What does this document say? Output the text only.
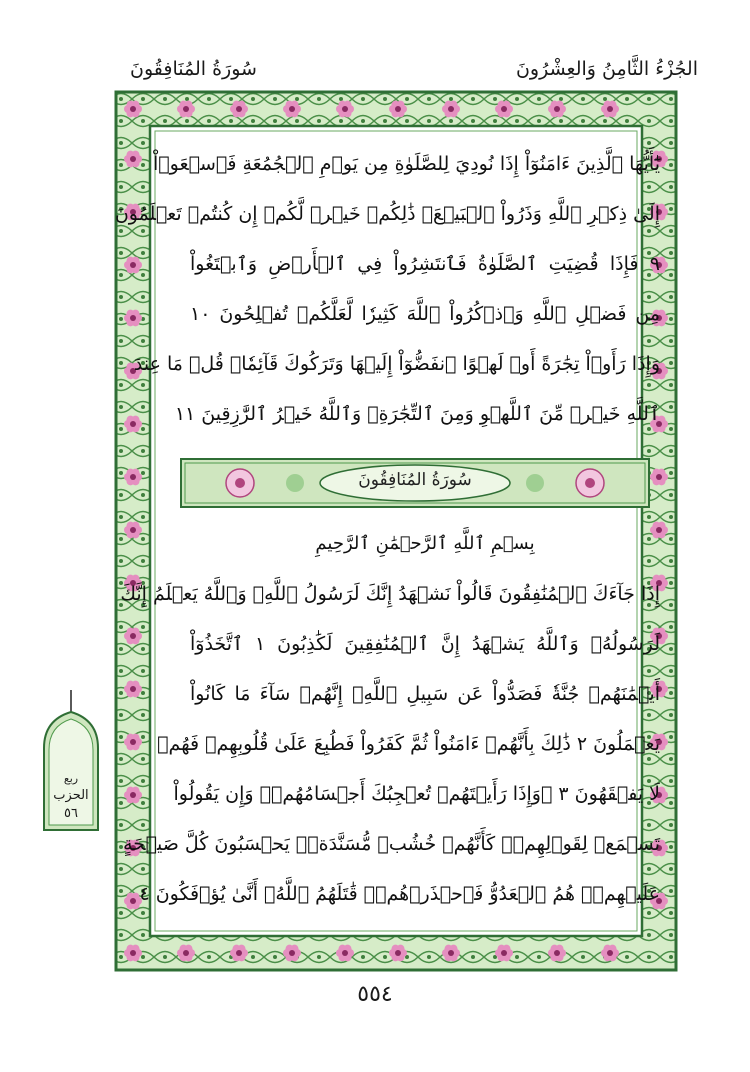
الجُزْءُ الثَّامِنُ وَالعِشْرُونَ
سُورَةُ المُنَافِقُونَ
يَٰٓأَيُّهَا ٱلَّذِينَ ءَامَنُوٓاْ إِذَا نُودِيَ لِلصَّلَوٰةِ مِن يَوۡمِ ٱلۡجُمُعَةِ فَٱسۡعَوۡاْ
إِلَىٰ ذِكۡرِ ٱللَّهِ وَذَرُواْ ٱلۡبَيۡعَۚ ذَٰلِكُمۡ خَيۡرٞ لَّكُمۡ إِن كُنتُمۡ تَعۡلَمُونَ
٩ فَإِذَا قُضِيَتِ ٱلصَّلَوٰةُ فَٱنتَشِرُواْ فِي ٱلۡأَرۡضِ وَٱبۡتَغُواْ
مِن فَضۡلِ ٱللَّهِ وَٱذۡكُرُواْ ٱللَّهَ كَثِيرٗا لَّعَلَّكُمۡ تُفۡلِحُونَ ١٠
وَإِذَا رَأَوۡاْ تِجَٰرَةً أَوۡ لَهۡوًا ٱنفَضُّوٓاْ إِلَيۡهَا وَتَرَكُوكَ قَآئِمٗاۚ قُلۡ مَا عِندَ
ٱللَّهِ خَيۡرٞ مِّنَ ٱللَّهۡوِ وَمِنَ ٱلتِّجَٰرَةِۚ وَٱللَّهُ خَيۡرُ ٱلرَّٰزِقِينَ ١١
بِسۡمِ ٱللَّهِ ٱلرَّحۡمَٰنِ ٱلرَّحِيمِ
إِذَا جَآءَكَ ٱلۡمُنَٰفِقُونَ قَالُواْ نَشۡهَدُ إِنَّكَ لَرَسُولُ ٱللَّهِۗ وَٱللَّهُ يَعۡلَمُ إِنَّكَ
لَرَسُولُهُۥ وَٱللَّهُ يَشۡهَدُ إِنَّ ٱلۡمُنَٰفِقِينَ لَكَٰذِبُونَ ١ ٱتَّخَذُوٓاْ
أَيۡمَٰنَهُمۡ جُنَّةٗ فَصَدُّواْ عَن سَبِيلِ ٱللَّهِۚ إِنَّهُمۡ سَآءَ مَا كَانُواْ
يَعۡمَلُونَ ٢ ذَٰلِكَ بِأَنَّهُمۡ ءَامَنُواْ ثُمَّ كَفَرُواْ فَطُبِعَ عَلَىٰ قُلُوبِهِمۡ فَهُمۡ
لَا يَفۡقَهُونَ ٣ ۞وَإِذَا رَأَيۡتَهُمۡ تُعۡجِبُكَ أَجۡسَامُهُمۡۖ وَإِن يَقُولُواْ
تَسۡمَعۡ لِقَوۡلِهِمۡۖ كَأَنَّهُمۡ خُشُبٞ مُّسَنَّدَةٞۖ يَحۡسَبُونَ كُلَّ صَيۡحَةٍ
عَلَيۡهِمۡۚ هُمُ ٱلۡعَدُوُّ فَٱحۡذَرۡهُمۡۚ قَٰتَلَهُمُ ٱللَّهُۖ أَنَّىٰ يُؤۡفَكُونَ ٤
سُورَةُ المُنَافِقُونَ
ربع
الحزب
٥٦
٥٥٤
